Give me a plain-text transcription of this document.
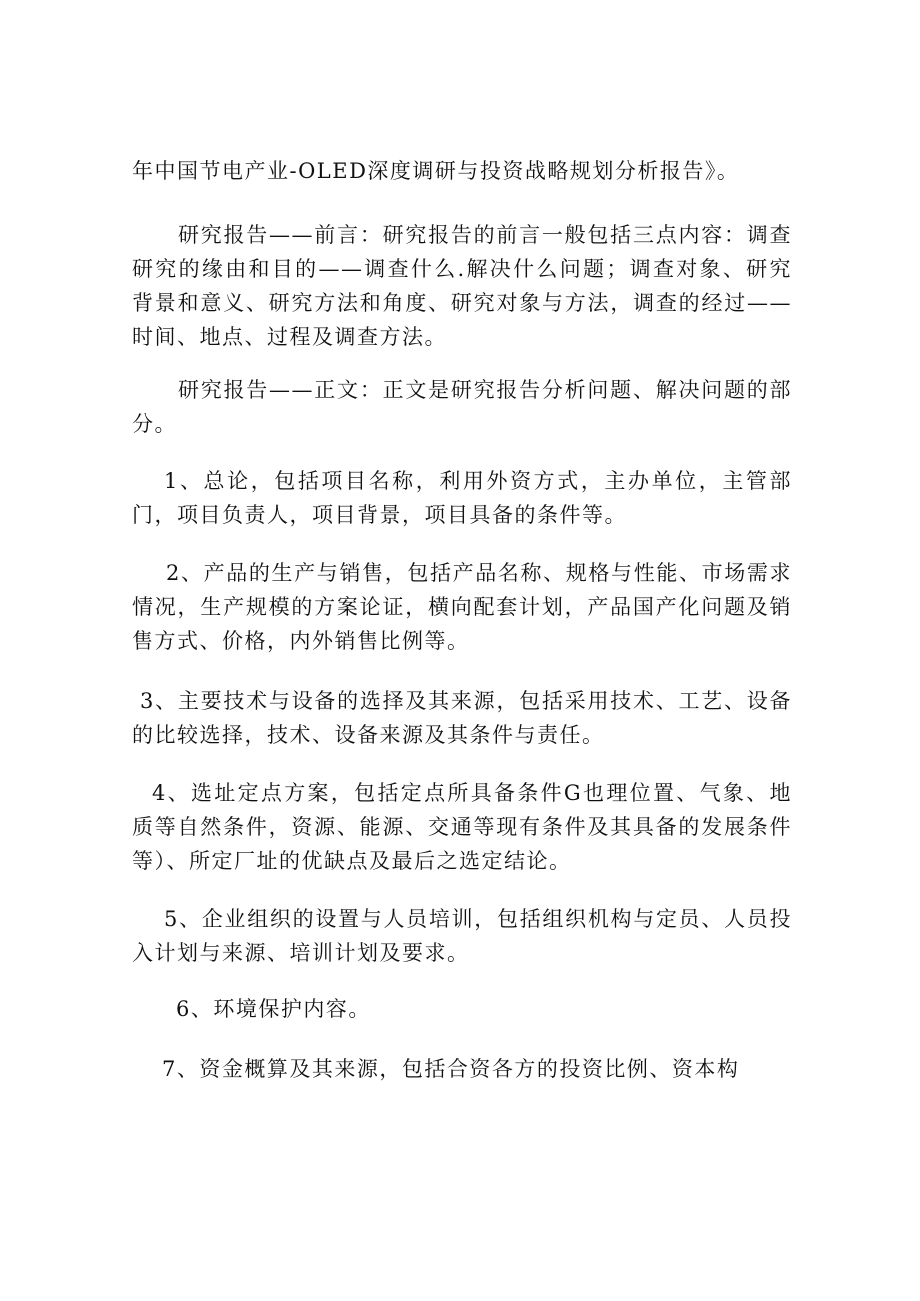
年中国节电产业-OLED深度调研与投资战略规划分析报告》。

研究报告——前言：研究报告的前言一般包括三点内容：调查研究的缘由和目的——调查什么.解决什么问题；调查对象、研究背景和意义、研究方法和角度、研究对象与方法，调查的经过——时间、地点、过程及调查方法。

研究报告——正文：正文是研究报告分析问题、解决问题的部分。

1、总论，包括项目名称，利用外资方式，主办单位，主管部门，项目负责人，项目背景，项目具备的条件等。

2、产品的生产与销售，包括产品名称、规格与性能、市场需求情况，生产规模的方案论证，横向配套计划，产品国产化问题及销售方式、价格，内外销售比例等。

3、主要技术与设备的选择及其来源，包括采用技术、工艺、设备的比较选择，技术、设备来源及其条件与责任。

4、选址定点方案，包括定点所具备条件G也理位置、气象、地质等自然条件，资源、能源、交通等现有条件及其具备的发展条件等）、所定厂址的优缺点及最后之选定结论。

5、企业组织的设置与人员培训，包括组织机构与定员、人员投入计划与来源、培训计划及要求。

6、环境保护内容。

7、资金概算及其来源，包括合资各方的投资比例、资本构
